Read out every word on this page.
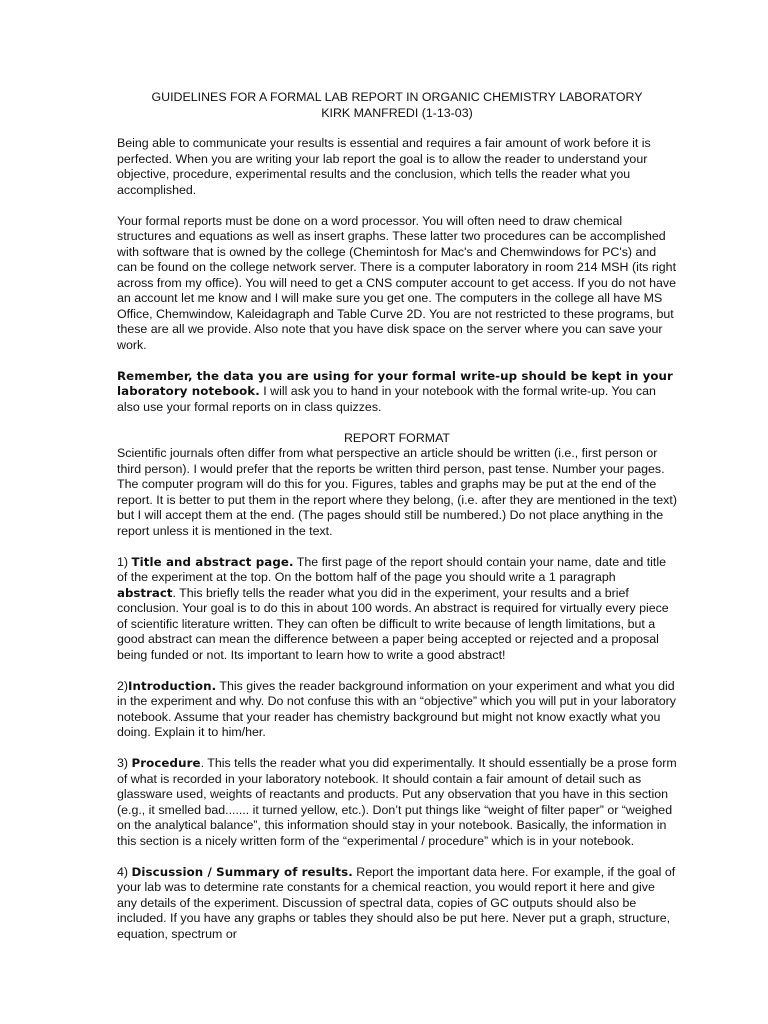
GUIDELINES FOR A FORMAL LAB REPORT IN ORGANIC CHEMISTRY LABORATORY
KIRK MANFREDI (1-13-03)

Being able to communicate your results is essential and requires a fair amount of work before it is perfected. When you are writing your lab report the goal is to allow the reader to understand your objective, procedure, experimental results and the conclusion, which tells the reader what you accomplished.

Your formal reports must be done on a word processor. You will often need to draw chemical structures and equations as well as insert graphs. These latter two procedures can be accomplished with software that is owned by the college (Chemintosh for Mac's and Chemwindows for PC's) and can be found on the college network server. There is a computer laboratory in room 214 MSH (its right across from my office). You will need to get a CNS computer account to get access. If you do not have an account let me know and I will make sure you get one. The computers in the college all have MS Office, Chemwindow, Kaleidagraph and Table Curve 2D. You are not restricted to these programs, but these are all we provide. Also note that you have disk space on the server where you can save your work.

Remember, the data you are using for your formal write-up should be kept in your laboratory notebook. I will ask you to hand in your notebook with the formal write-up. You can also use your formal reports on in class quizzes.

REPORT FORMAT

Scientific journals often differ from what perspective an article should be written (i.e., first person or third person). I would prefer that the reports be written third person, past tense. Number your pages. The computer program will do this for you. Figures, tables and graphs may be put at the end of the report. It is better to put them in the report where they belong, (i.e. after they are mentioned in the text) but I will accept them at the end. (The pages should still be numbered.) Do not place anything in the report unless it is mentioned in the text.

1) Title and abstract page. The first page of the report should contain your name, date and title of the experiment at the top. On the bottom half of the page you should write a 1 paragraph abstract. This briefly tells the reader what you did in the experiment, your results and a brief conclusion. Your goal is to do this in about 100 words. An abstract is required for virtually every piece of scientific literature written. They can often be difficult to write because of length limitations, but a good abstract can mean the difference between a paper being accepted or rejected and a proposal being funded or not. Its important to learn how to write a good abstract!

2)Introduction. This gives the reader background information on your experiment and what you did in the experiment and why. Do not confuse this with an “objective” which you will put in your laboratory notebook. Assume that your reader has chemistry background but might not know exactly what you doing. Explain it to him/her.

3) Procedure. This tells the reader what you did experimentally. It should essentially be a prose form of what is recorded in your laboratory notebook. It should contain a fair amount of detail such as glassware used, weights of reactants and products. Put any observation that you have in this section (e.g., it smelled bad....... it turned yellow, etc.). Don’t put things like “weight of filter paper” or “weighed on the analytical balance”, this information should stay in your notebook. Basically, the information in this section is a nicely written form of the “experimental / procedure” which is in your notebook.

4) Discussion / Summary of results. Report the important data here. For example, if the goal of your lab was to determine rate constants for a chemical reaction, you would report it here and give any details of the experiment. Discussion of spectral data, copies of GC outputs should also be included. If you have any graphs or tables they should also be put here. Never put a graph, structure, equation, spectrum or
